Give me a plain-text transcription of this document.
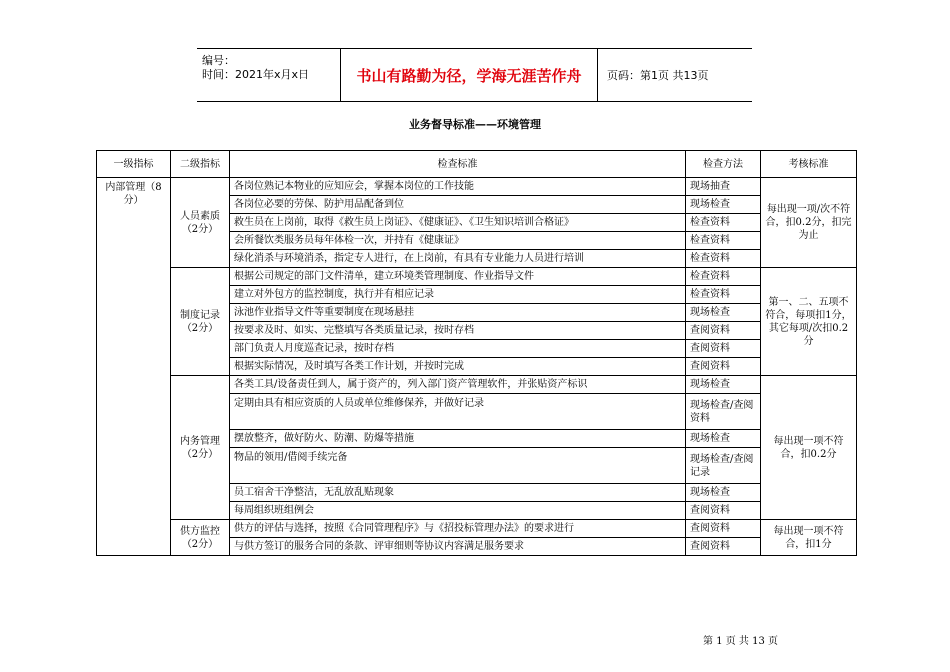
编号：
时间：2021年x月x日	书山有路勤为径，学海无涯苦作舟	页码：第1页 共13页
业务督导标准——环境管理
一级指标	二级指标	检查标准	检查方法	考核标准
内部管理（8分）	人员素质（2分）	各岗位熟记本物业的应知应会，掌握本岗位的工作技能	现场抽查	每出现一项/次不符合，扣0.2分，扣完为止
		各岗位必要的劳保、防护用品配备到位	现场检查	
		救生员在上岗前，取得《救生员上岗证》、《健康证》、《卫生知识培训合格证》	检查资料	
		会所餐饮类服务员每年体检一次，并持有《健康证》	检查资料	
		绿化消杀与环境消杀，指定专人进行，在上岗前，有具有专业能力人员进行培训	检查资料	
	制度记录（2分）	根据公司规定的部门文件清单，建立环境类管理制度、作业指导文件	检查资料	第一、二、五项不符合，每项扣1分，其它每项/次扣0.2分
		建立对外包方的监控制度，执行并有相应记录	检查资料	
		泳池作业指导文件等重要制度在现场悬挂	现场检查	
		按要求及时、如实、完整填写各类质量记录，按时存档	查阅资料	
		部门负责人月度巡查记录，按时存档	查阅资料	
		根据实际情况，及时填写各类工作计划，并按时完成	查阅资料	
	内务管理（2分）	各类工具/设备责任到人，属于资产的，列入部门资产管理软件，并张贴资产标识	现场检查	每出现一项不符合，扣0.2分
		定期由具有相应资质的人员或单位维修保养，并做好记录	现场检查/查阅资料	
		摆放整齐，做好防火、防潮、防爆等措施	现场检查	
		物品的领用/借阅手续完备	现场检查/查阅记录	
		员工宿舍干净整洁，无乱放乱贴现象	现场检查	
		每周组织班组例会	查阅资料	
	供方监控（2分）	供方的评估与选择，按照《合同管理程序》与《招投标管理办法》的要求进行	查阅资料	每出现一项不符合，扣1分
		与供方签订的服务合同的条款、评审细则等协议内容满足服务要求	查阅资料	
第 1 页 共 13 页
